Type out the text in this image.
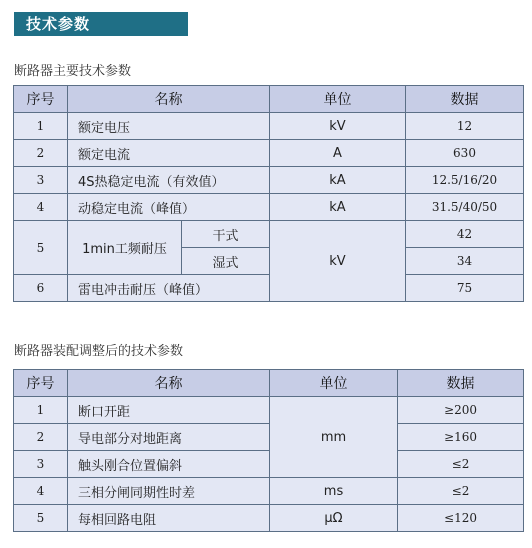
技术参数
断路器主要技术参数
序号	名称		单位	数据
1	额定电压		kV	12
2	额定电流		A	630
3	4S热稳定电流（有效值）		kA	12.5/16/20
4	动稳定电流（峰值）		kA	31.5/40/50
5	1min工频耐压	干式	kV	42
		湿式		34
6	雷电冲击耐压（峰值）			75
断路器装配调整后的技术参数
序号	名称	单位	数据
1	断口开距	mm	≥200
2	导电部分对地距离		≥160
3	触头刚合位置偏斜		≤2
4	三相分闸同期性时差	ms	≤2
5	每相回路电阻	μΩ	≤120
